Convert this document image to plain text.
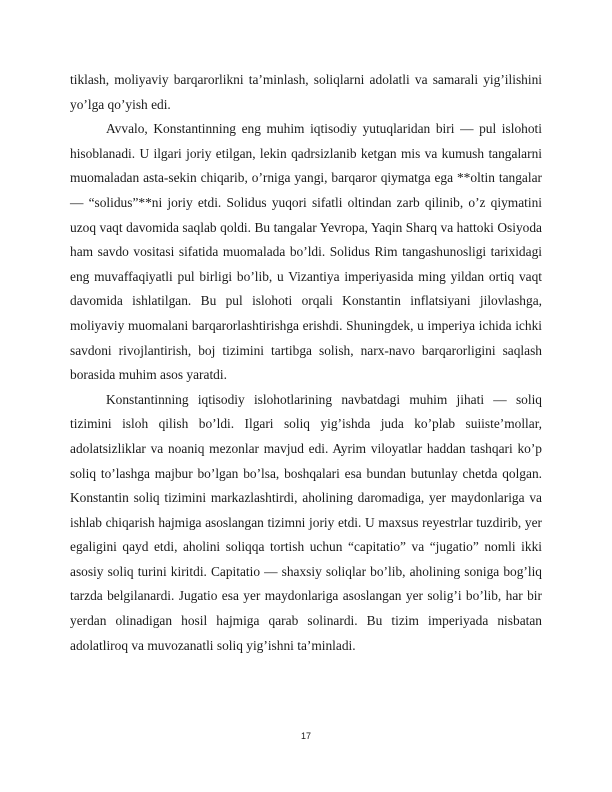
tiklash, moliyaviy barqarorlikni ta’minlash, soliqlarni adolatli va samarali yig’ilishini yo’lga qo’yish edi.

Avvalo, Konstantinning eng muhim iqtisodiy yutuqlaridan biri — pul islohoti hisoblanadi. U ilgari joriy etilgan, lekin qadrsizlanib ketgan mis va kumush tangalarni muomaladan asta-sekin chiqarib, o’rniga yangi, barqaror qiymatga ega **oltin tangalar — “solidus”**ni joriy etdi. Solidus yuqori sifatli oltindan zarb qilinib, o’z qiymatini uzoq vaqt davomida saqlab qoldi. Bu tangalar Yevropa, Yaqin Sharq va hattoki Osiyoda ham savdo vositasi sifatida muomalada bo’ldi. Solidus Rim tangashunosligi tarixidagi eng muvaffaqiyatli pul birligi bo’lib, u Vizantiya imperiyasida ming yildan ortiq vaqt davomida ishlatilgan. Bu pul islohoti orqali Konstantin inflatsiyani jilovlashga, moliyaviy muomalani barqarorlashtirishga erishdi. Shuningdek, u imperiya ichida ichki savdoni rivojlantirish, boj tizimini tartibga solish, narx-navo barqarorligini saqlash borasida muhim asos yaratdi.

Konstantinning iqtisodiy islohotlarining navbatdagi muhim jihati — soliq tizimini isloh qilish bo’ldi. Ilgari soliq yig’ishda juda ko’plab suiiste’mollar, adolatsizliklar va noaniq mezonlar mavjud edi. Ayrim viloyatlar haddan tashqari ko’p soliq to’lashga majbur bo’lgan bo’lsa, boshqalari esa bundan butunlay chetda qolgan. Konstantin soliq tizimini markazlashtirdi, aholining daromadiga, yer maydonlariga va ishlab chiqarish hajmiga asoslangan tizimni joriy etdi. U maxsus reyestrlar tuzdirib, yer egaligini qayd etdi, aholini soliqqa tortish uchun “capitatio” va “jugatio” nomli ikki asosiy soliq turini kiritdi. Capitatio — shaxsiy soliqlar bo’lib, aholining soniga bog’liq tarzda belgilanardi. Jugatio esa yer maydonlariga asoslangan yer solig’i bo’lib, har bir yerdan olinadigan hosil hajmiga qarab solinardi. Bu tizim imperiyada nisbatan adolatliroq va muvozanatli soliq yig’ishni ta’minladi.

17
